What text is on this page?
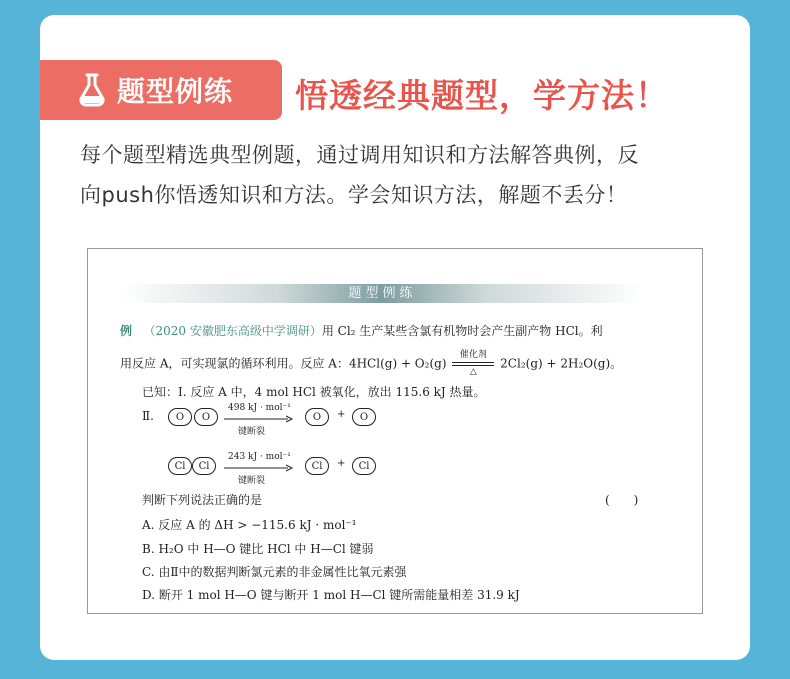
题型例练 悟透经典题型，学方法！
每个题型精选典型例题，通过调用知识和方法解答典例，反
向push你悟透知识和方法。学会知识方法，解题不丢分！
题型例练
例 （2020 安徽肥东高级中学调研）用 Cl₂ 生产某些含氯有机物时会产生副产物 HCl。利
用反应 A，可实现氯的循环利用。反应 A：4HCl(g) + O₂(g)
催化剂
△
2Cl₂(g) + 2H₂O(g)。
已知：Ⅰ. 反应 A 中，4 mol HCl 被氧化，放出 115.6 kJ 热量。
Ⅱ.	O	O
498 kJ · mol⁻¹
键断裂
O	+	O
Cl	Cl
243 kJ · mol⁻¹
键断裂
Cl	+	Cl
判断下列说法正确的是	(　　)
A. 反应 A 的 ΔH > −115.6 kJ · mol⁻¹
B. H₂O 中 H—O 键比 HCl 中 H—Cl 键弱
C. 由Ⅱ中的数据判断氯元素的非金属性比氧元素强
D. 断开 1 mol H—O 键与断开 1 mol H—Cl 键所需能量相差 31.9 kJ
